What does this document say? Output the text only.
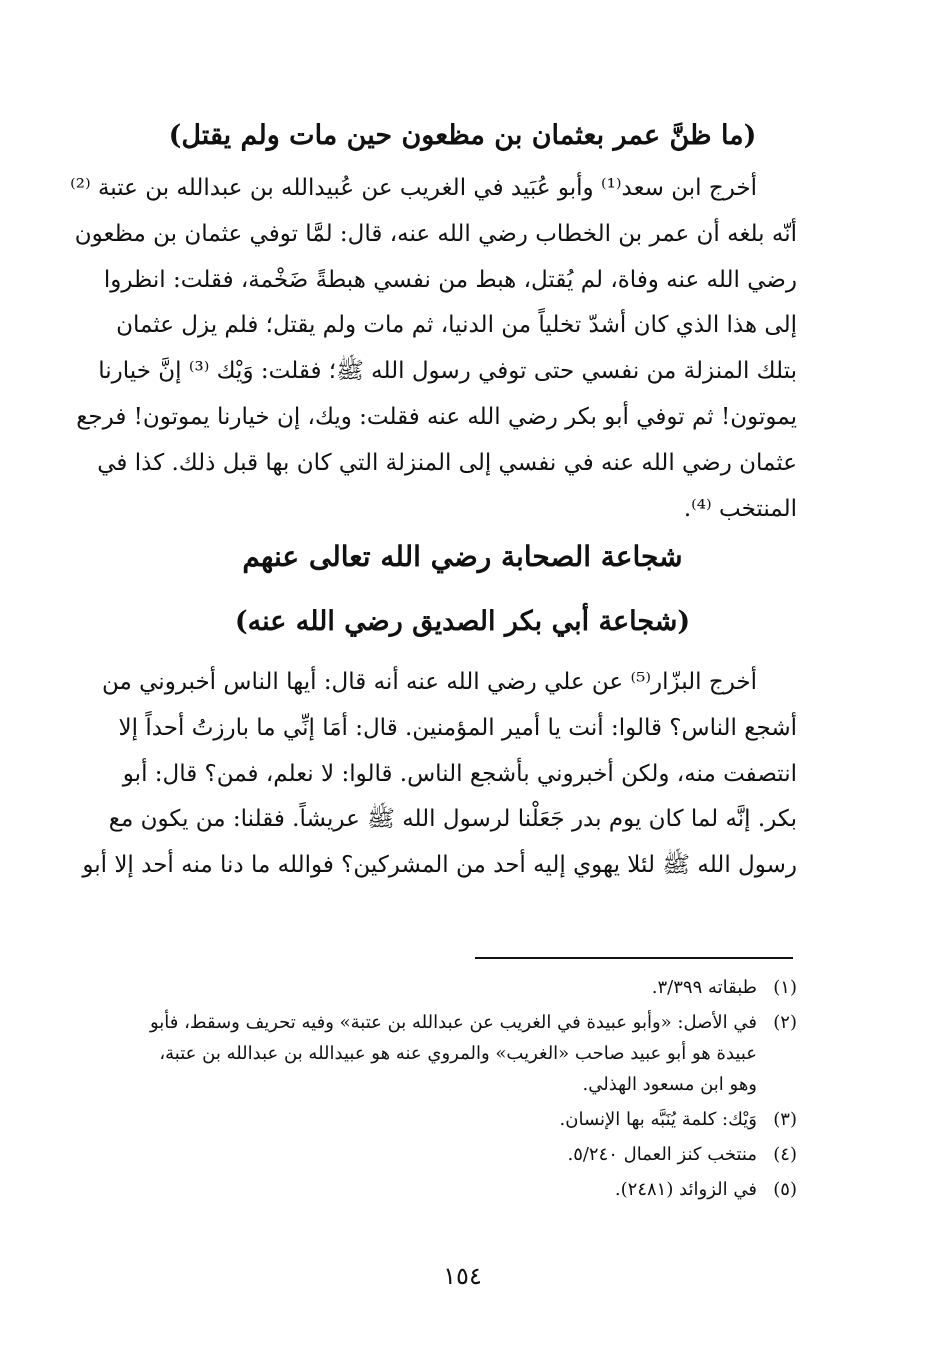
(ما ظنَّ عمر بعثمان بن مظعون حين مات ولم يقتل)
أخرج ابن سعد⁽¹⁾ وأبو عُبَيد في الغريب عن عُبيدالله بن عبدالله بن عتبة ⁽²⁾
أنّه بلغه أن عمر بن الخطاب رضي الله عنه، قال: لمَّا توفي عثمان بن مظعون
رضي الله عنه وفاة، لم يُقتل، هبط من نفسي هبطةً ضَخْمة، فقلت: انظروا
إلى هذا الذي كان أشدّ تخلياً من الدنيا، ثم مات ولم يقتل؛ فلم يزل عثمان
بتلك المنزلة من نفسي حتى توفي رسول الله ﷺ؛ فقلت: وَيْك ⁽³⁾ إنَّ خيارنا
يموتون! ثم توفي أبو بكر رضي الله عنه فقلت: ويك، إن خيارنا يموتون! فرجع
عثمان رضي الله عنه في نفسي إلى المنزلة التي كان بها قبل ذلك. كذا في
المنتخب ⁽⁴⁾.
شجاعة الصحابة رضي الله تعالى عنهم
(شجاعة أبي بكر الصديق رضي الله عنه)
أخرج البزّار⁽⁵⁾ عن علي رضي الله عنه أنه قال: أيها الناس أخبروني من
أشجع الناس؟ قالوا: أنت يا أمير المؤمنين. قال: أمَا إنِّي ما بارزتُ أحداً إلا
انتصفت منه، ولكن أخبروني بأشجع الناس. قالوا: لا نعلم، فمن؟ قال: أبو
بكر. إنَّه لما كان يوم بدر جَعَلْنا لرسول الله ﷺ عريشاً. فقلنا: من يكون مع
رسول الله ﷺ لئلا يهوي إليه أحد من المشركين؟ فوالله ما دنا منه أحد إلا أبو
(١)
طبقاته ٣/٣٩٩.
(٢)
في الأصل: «وأبو عبيدة في الغريب عن عبدالله بن عتبة» وفيه تحريف وسقط، فأبو
عبيدة هو أبو عبيد صاحب «الغريب» والمروي عنه هو عبيدالله بن عبدالله بن عتبة،
وهو ابن مسعود الهذلي.
(٣)
وَيْك: كلمة يُنَبَّه بها الإنسان.
(٤)
منتخب كنز العمال ٥/٢٤٠.
(٥)
في الزوائد (٢٤٨١).
١٥٤
